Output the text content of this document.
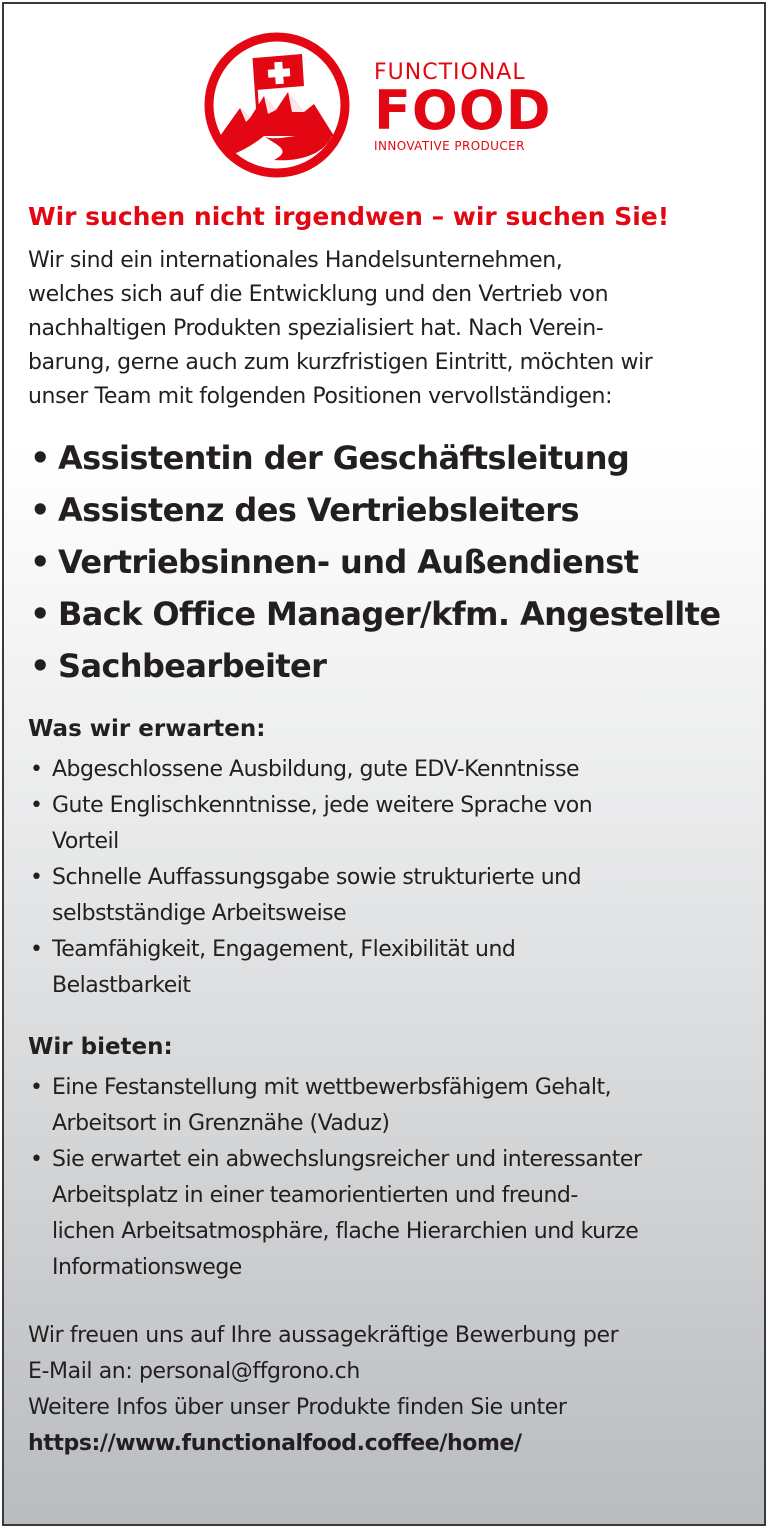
FUNCTIONAL
FOOD
INNOVATIVE PRODUCER
Wir suchen nicht irgendwen – wir suchen Sie!

Wir sind ein internationales Handelsunternehmen,
welches sich auf die Entwicklung und den Vertrieb von
nachhaltigen Produkten spezialisiert hat. Nach Verein-
barung, gerne auch zum kurzfristigen Eintritt, möchten wir
unser Team mit folgenden Positionen vervollständigen:

• Assistentin der Geschäftsleitung
• Assistenz des Vertriebsleiters
• Vertriebsinnen- und Außendienst
• Back Office Manager/kfm. Angestellte
• Sachbearbeiter
Was wir erwarten:
• Abgeschlossene Ausbildung, gute EDV-Kenntnisse
• Gute Englischkenntnisse, jede weitere Sprache von
Vorteil
• Schnelle Auffassungsgabe sowie strukturierte und
selbstständige Arbeitsweise
• Teamfähigkeit, Engagement, Flexibilität und
Belastbarkeit
Wir bieten:
• Eine Festanstellung mit wettbewerbsfähigem Gehalt,
Arbeitsort in Grenznähe (Vaduz)
• Sie erwartet ein abwechslungsreicher und interessanter
Arbeitsplatz in einer teamorientierten und freund-
lichen Arbeitsatmosphäre, flache Hierarchien und kurze
Informationswege
Wir freuen uns auf Ihre aussagekräftige Bewerbung per
E-Mail an: personal@ffgrono.ch
Weitere Infos über unser Produkte finden Sie unter
https://www.functionalfood.coffee/home/
